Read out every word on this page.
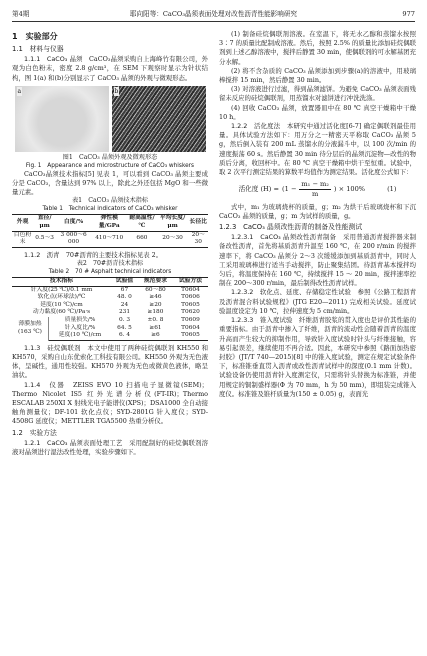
第4期	耶向阳等：CaCO₃晶须表面处理对改性沥青性能影响研究	977
1　实验部分
1.1　材料与仪器

1.1.1　CaCO₃ 晶须　 CaCO₃晶须采购自上海峰竹有限公司，外观为白色粉末，密度 2.8 g/cm³，在 SEM 下观察时显示为针状结构，图 1(a) 和(b)分别显示了 CaCO₃ 晶须的外观与微观形态。

a	b
图1　CaCO₃ 晶须外观及微观形态
Fig. 1　Appearance and microstructure of CaCO₃ whiskers

CaCO₃晶须技术指标[5] 见表 1，可以看到 CaCO₃ 晶须主要成分是 CaCO₃，含量达到 97% 以上，除此之外还包括 MgO 和一些微量元素。

表1　CaCO₃ 晶须技术指标
Table 1　Technical indicators of CaCO₃ whisker
外观	直径/μm	白度/%	弹性模量/GPa	耐高温性/℃	平均长度/μm	长径比
白色粉末	0.5～3	3 000～6 000	410～710	660	20～30	20～30

1.1.2　沥青　 70#沥青的主要技术指标见表 2。

表2　70#沥青技术指标
Table 2　70 # Asphalt technical indicators
技术指标		试验值	规范要求	试验方法
针入度(25 ℃)/0.1 mm		67	60～80	T0604
软化点(环球法)/℃		48. 0	≥46	T0606
延度(10 ℃)/cm		24	≥20	T0605
动力黏度(60 ℃)/Pa·s		231	≥180	T0620
薄膜加热(163 ℃)	质量损失/%	0. 3	±0. 8	T0609
	针入度比/%	64. 5	≥61	T0604
	延度(10 ℃)/cm	6. 4	≥6	T0605

1.1.3　硅烷偶联剂　 本文中使用了两种硅烷偶联剂 KH550 和 KH570，采购自山东优索化工科技有限公司。KH550 外观为无色液体，呈碱性，通用性较强。KH570 外观为无色或微黄色液体，略呈油状。

1.1.4　仪器　 ZEISS EVO 10 扫描电子显微镜(SEM)；Thermo Nicolet IS5 红外光谱分析仪(FT-IR)；Thermo ESCALAB 250XI X 射线光电子能谱仪(XPS)；DSA1000 全自动接触角测量仪；DF-101 软化点仪；SYD-2801G 针入度仪；SYD-4508G 延度仪；METTLER TGA5500 热重分析仪。

1.2　实验方法

1.2.1　CaCO₃ 晶须表面处理工艺　 采用配制好的硅烷偶联剂溶液对晶须进行湿法改性处理，实验步骤如下。

(1) 制备硅烷偶联剂溶液。在室温下，将无水乙醇和蒸馏水按照 3∶7 的质量比配制成溶液。然后，按照 2.5% 的质量比添加硅烷偶联剂到上述乙醇溶液中，搅拌后静置 30 min，使偶联剂的可水解基团充分水解。

(2) 将不含杂质的 CaCO₃ 晶须添加到步骤(a)的溶液中，用玻璃棒搅拌 15 min，然后静置 30 min。

(3) 对溶液进行过滤，得到晶须滤饼。为避免 CaCO₃ 晶须表面残留未反应的硅烷偶联剂，用蒸馏水对滤饼进行冲洗洗涤。

(4) 回收 CaCO₃ 晶须，放置器皿中在 80 ℃ 真空干燥箱中干燥 10 h。

1.2.2　活化度法　 本研究中通过活化度[6-7] 确定偶联剂最佳用量。具体试验方法如下：用万分之一精密天平称取 CaCO₃ 晶须 5 g，然后倒入装有 200 mL 蒸馏水的分液漏斗中，以 100 次/min 的速度振荡 60 s。然后静置 30 min 待分层后的晶须沉淀物—改性的物质后分离，收回杯中。在 80 ℃ 真空干燥箱中烘干至恒重。试验中，取 2 次平行测定结果的算数平均值作为测定结果。活化度公式如下：

活化度 (H) = ( $1 - \frac{\text{m₁ − m₂}}{m}$ ) × 100%	(1)

式中，m₁ 为玻璃烧杯的质量，g；m₂ 为烘干后玻璃烧杯和下沉 CaCO₃ 晶须的质量，g；m 为试样的质量，g。

1.2.3　CaCO₃ 晶须改性沥青的制备及性能测试

1.2.3.1　CaCO₃ 晶须改性沥青制备　 采用普通沥青搅拌器来制备改性沥青，首先将基质沥青升温至 160 ℃，在 200 r/min 的搅拌速率下，将 CaCO₃ 晶须分 2～3 次缓缓添加到基质沥青中，同时人工采用玻璃棒进行适当手动搅拌，防止聚集结团。待沥青基本搅拌均匀后，将温度保持在 160 ℃，持续搅拌 15 ～ 20 min，搅拌速率控制在 200～300 r/min，最后制得改性沥青试样。

1.2.3.2　软化点、延度、存储稳定性试验　 参照《公路工程沥青及沥青混合料试验规程》(JTG E20—2011) 完成相关试验。延度试验温度设定为 10 ℃，拉伸速度为 5 cm/min。

1.2.3.3　锥入度试验　 纤维沥青胶浆的贯入度也是评价其性能的重要指标。由于沥青中掺入了纤维，沥青的流动性会随着沥青的温度升高而产生较大的抑制作用，导致针入度试验时针头与纤维接触，容易引起误差，继续使用不再合适。因此，本研究中参照《路面加热密封胶》(JT/T 740—2015)[8] 中的锥入度试验，测定在规定试验条件下，标准锥垂直贯入沥青或改性沥青试样中的深度(0.1 mm 计数)。试验设备仍使用沥青针入度测定仪，只需将针头替换为标准锥，并使用规定的铜制盛样器(Φ 为 70 mm，h 为 50 mm)，即组装完成锥入度仪。标准锥及锥杆质量为(150 ± 0.05) g，表面光
